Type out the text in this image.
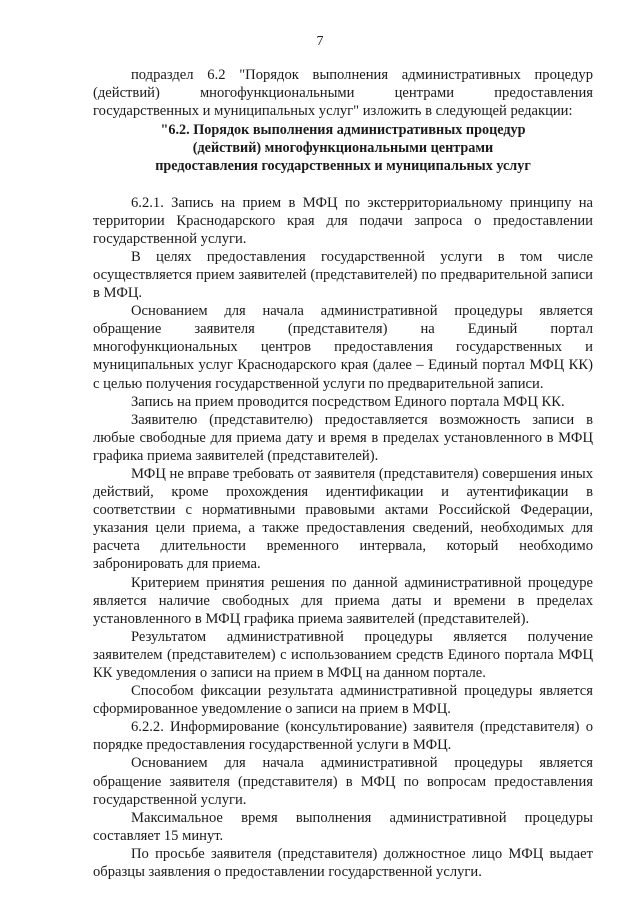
7

подраздел 6.2 "Порядок выполнения административных процедур (действий) многофункциональными центрами предоставления государственных и муниципальных услуг" изложить в следующей редакции:

"6.2. Порядок выполнения административных процедур (действий) многофункциональными центрами предоставления государственных и муниципальных услуг

6.2.1. Запись на прием в МФЦ по экстерриториальному принципу на территории Краснодарского края для подачи запроса о предоставлении государственной услуги.

В целях предоставления государственной услуги в том числе осуществляется прием заявителей (представителей) по предварительной записи в МФЦ.

Основанием для начала административной процедуры является обращение заявителя (представителя) на Единый портал многофункциональных центров предоставления государственных и муниципальных услуг Краснодарского края (далее – Единый портал МФЦ КК) с целью получения государственной услуги по предварительной записи.

Запись на прием проводится посредством Единого портала МФЦ КК.

Заявителю (представителю) предоставляется возможность записи в любые свободные для приема дату и время в пределах установленного в МФЦ графика приема заявителей (представителей).

МФЦ не вправе требовать от заявителя (представителя) совершения иных действий, кроме прохождения идентификации и аутентификации в соответствии с нормативными правовыми актами Российской Федерации, указания цели приема, а также предоставления сведений, необходимых для расчета длительности временного интервала, который необходимо забронировать для приема.

Критерием принятия решения по данной административной процедуре является наличие свободных для приема даты и времени в пределах установленного в МФЦ графика приема заявителей (представителей).

Результатом административной процедуры является получение заявителем (представителем) с использованием средств Единого портала МФЦ КК уведомления о записи на прием в МФЦ на данном портале.

Способом фиксации результата административной процедуры является сформированное уведомление о записи на прием в МФЦ.

6.2.2. Информирование (консультирование) заявителя (представителя) о порядке предоставления государственной услуги в МФЦ.

Основанием для начала административной процедуры является обращение заявителя (представителя) в МФЦ по вопросам предоставления государственной услуги.

Максимальное время выполнения административной процедуры составляет 15 минут.

По просьбе заявителя (представителя) должностное лицо МФЦ выдает образцы заявления о предоставлении государственной услуги.
